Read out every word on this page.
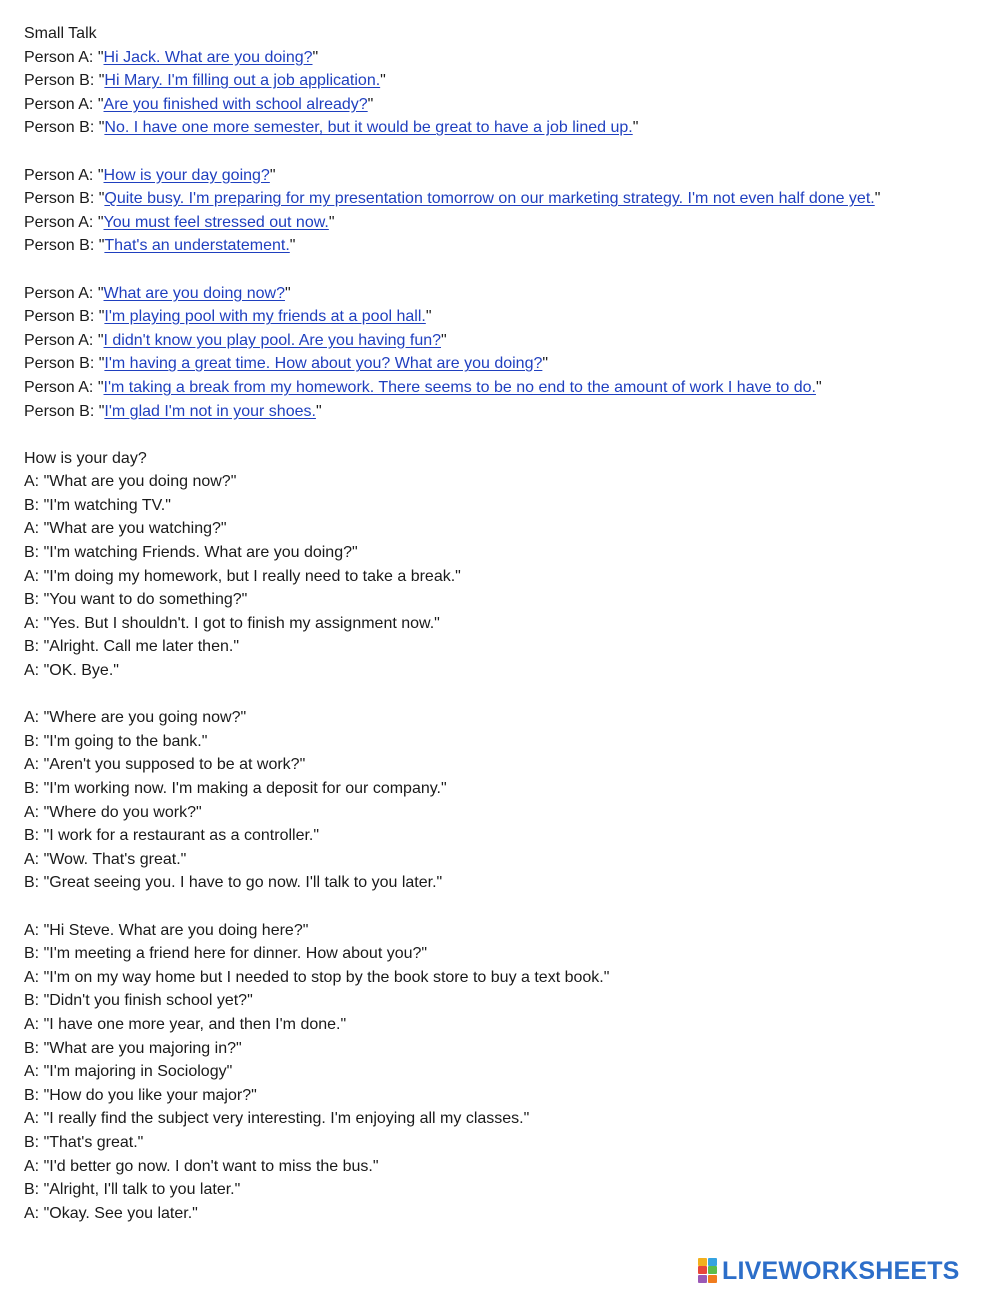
Small Talk
Person A: "Hi Jack. What are you doing?"
Person B: "Hi Mary. I'm filling out a job application."
Person A: "Are you finished with school already?"
Person B: "No. I have one more semester, but it would be great to have a job lined up."
Person A: "How is your day going?"
Person B: "Quite busy. I'm preparing for my presentation tomorrow on our marketing strategy. I'm not even half done yet."
Person A: "You must feel stressed out now."
Person B: "That's an understatement."
Person A: "What are you doing now?"
Person B: "I'm playing pool with my friends at a pool hall."
Person A: "I didn't know you play pool. Are you having fun?"
Person B: "I'm having a great time. How about you? What are you doing?"
Person A: "I'm taking a break from my homework. There seems to be no end to the amount of work I have to do."
Person B: "I'm glad I'm not in your shoes."
How is your day?
A: "What are you doing now?"
B: "I'm watching TV."
A: "What are you watching?"
B: "I'm watching Friends. What are you doing?"
A: "I'm doing my homework, but I really need to take a break."
B: "You want to do something?"
A: "Yes. But I shouldn't. I got to finish my assignment now."
B: "Alright. Call me later then."
A: "OK. Bye."
A: "Where are you going now?"
B: "I'm going to the bank."
A: "Aren't you supposed to be at work?"
B: "I'm working now. I'm making a deposit for our company."
A: "Where do you work?"
B: "I work for a restaurant as a controller."
A: "Wow. That's great."
B: "Great seeing you. I have to go now. I'll talk to you later."
A: "Hi Steve. What are you doing here?"
B: "I'm meeting a friend here for dinner. How about you?"
A: "I'm on my way home but I needed to stop by the book store to buy a text book."
B: "Didn't you finish school yet?"
A: "I have one more year, and then I'm done."
B: "What are you majoring in?"
A: "I'm majoring in Sociology"
B: "How do you like your major?"
A: "I really find the subject very interesting. I'm enjoying all my classes."
B: "That's great."
A: "I'd better go now. I don't want to miss the bus."
B: "Alright, I'll talk to you later."
A: "Okay. See you later."
LIVEWORKSHEETS
